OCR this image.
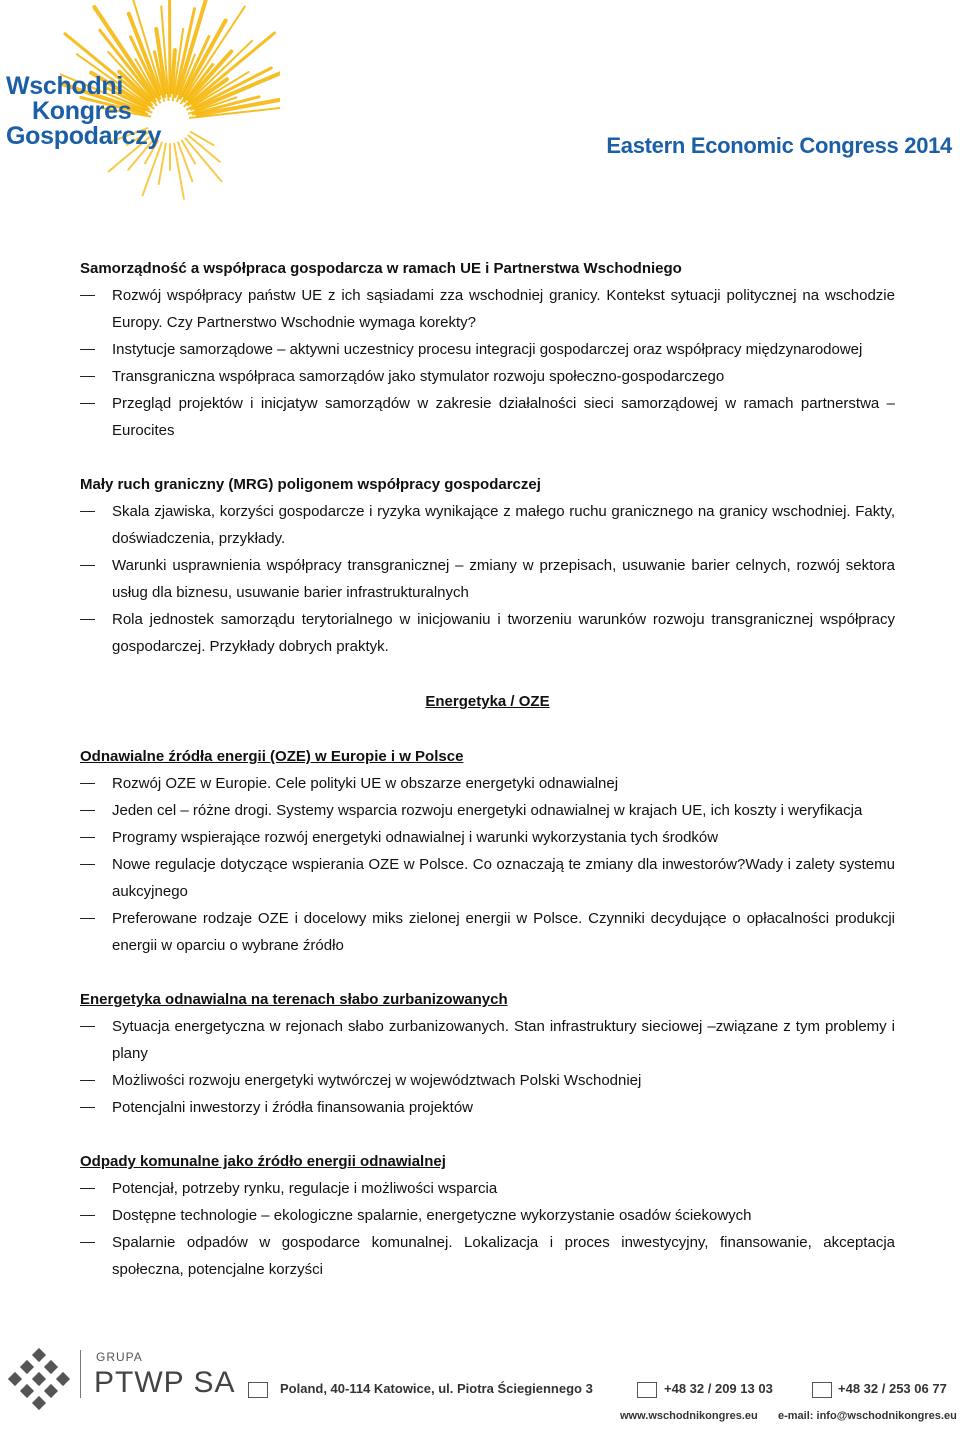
Wschodni
Kongres
Gospodarczy	Eastern Economic Congress 2014

Samorządność a współpraca gospodarcza w ramach UE i Partnerstwa Wschodniego

Rozwój współpracy państw UE z ich sąsiadami zza wschodniej granicy. Kontekst sytuacji politycznej na wschodzie Europy. Czy Partnerstwo Wschodnie wymaga korekty?
Instytucje samorządowe – aktywni uczestnicy procesu integracji gospodarczej oraz współpracy międzynarodowej
Transgraniczna współpraca samorządów jako stymulator rozwoju społeczno-gospodarczego
Przegląd projektów i inicjatyw samorządów w zakresie działalności sieci samorządowej w ramach partnerstwa – Eurocites

Mały ruch graniczny (MRG) poligonem współpracy gospodarczej

Skala zjawiska, korzyści gospodarcze i ryzyka wynikające z małego ruchu granicznego na granicy wschodniej. Fakty, doświadczenia, przykłady.
Warunki usprawnienia współpracy transgranicznej – zmiany w przepisach, usuwanie barier celnych, rozwój sektora usług dla biznesu, usuwanie barier infrastrukturalnych
Rola jednostek samorządu terytorialnego w inicjowaniu i tworzeniu warunków rozwoju transgranicznej współpracy gospodarczej. Przykłady dobrych praktyk.
Energetyka / OZE

Odnawialne źródła energii (OZE) w Europie i w Polsce

Rozwój OZE w Europie. Cele polityki UE w obszarze energetyki odnawialnej
Jeden cel – różne drogi. Systemy wsparcia rozwoju energetyki odnawialnej w krajach UE, ich koszty i weryfikacja
Programy wspierające rozwój energetyki odnawialnej i warunki wykorzystania tych środków
Nowe regulacje dotyczące wspierania OZE w Polsce. Co oznaczają te zmiany dla inwestorów?Wady i zalety systemu aukcyjnego
Preferowane rodzaje OZE i docelowy miks zielonej energii w Polsce. Czynniki decydujące o opłacalności produkcji energii w oparciu o wybrane źródło

Energetyka odnawialna na terenach słabo zurbanizowanych

Sytuacja energetyczna w rejonach słabo zurbanizowanych. Stan infrastruktury sieciowej –związane z tym problemy i plany
Możliwości rozwoju energetyki wytwórczej w województwach Polski Wschodniej
Potencjalni inwestorzy i źródła finansowania projektów

Odpady komunalne jako źródło energii odnawialnej

Potencjał, potrzeby rynku, regulacje i możliwości wsparcia
Dostępne technologie – ekologiczne spalarnie, energetyczne wykorzystanie osadów ściekowych
Spalarnie odpadów w gospodarce komunalnej. Lokalizacja i proces inwestycyjny, finansowanie, akceptacja społeczna, potencjalne korzyści
GRUPA
PTWP SA	Poland, 40-114 Katowice, ul. Piotra Ściegiennego 3	+48 32 / 209 13 03	+48 32 / 253 06 77
www.wschodnikongres.eu e-mail: info@wschodnikongres.eu
